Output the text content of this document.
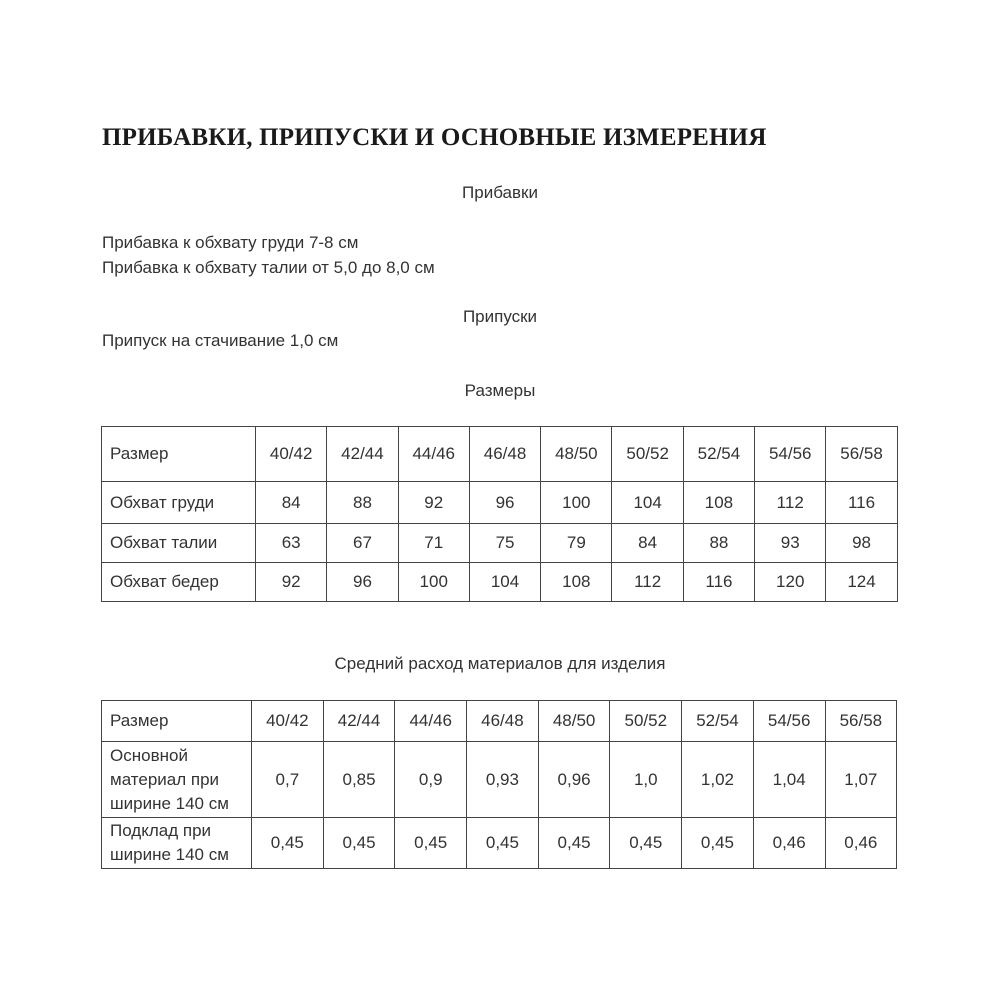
ПРИБАВКИ, ПРИПУСКИ И ОСНОВНЫЕ ИЗМЕРЕНИЯ
Прибавки
Прибавка к обхвату груди 7-8 см
Прибавка к обхвату талии от 5,0 до 8,0 см
Припуски
Припуск на стачивание 1,0 см
Размеры
Размер	40/42	42/44	44/46	46/48	48/50	50/52	52/54	54/56	56/58
Обхват груди	84	88	92	96	100	104	108	112	116
Обхват талии	63	67	71	75	79	84	88	93	98
Обхват бедер	92	96	100	104	108	112	116	120	124
Средний расход материалов для изделия
Размер	40/42	42/44	44/46	46/48	48/50	50/52	52/54	54/56	56/58

Основной
материал при
ширине 140 см	0,7	0,85	0,9	0,93	0,96	1,0	1,02	1,04	1,07

Подклад при
ширине 140 см	0,45	0,45	0,45	0,45	0,45	0,45	0,45	0,46	0,46
